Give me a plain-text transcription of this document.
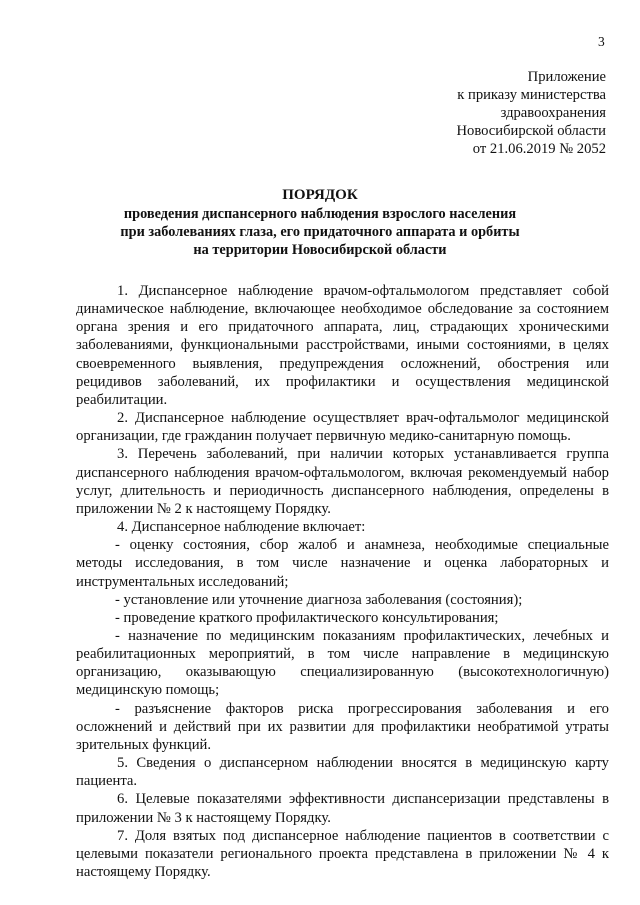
3
Приложение
к приказу министерства
здравоохранения
Новосибирской области
от 21.06.2019 № 2052
ПОРЯДОК
проведения диспансерного наблюдения взрослого населения
при заболеваниях глаза, его придаточного аппарата и орбиты
на территории Новосибирской области

1. Диспансерное наблюдение врачом-офтальмологом представляет собой динамическое наблюдение, включающее необходимое обследование за состоянием органа зрения и его придаточного аппарата, лиц, страдающих хроническими заболеваниями, функциональными расстройствами, иными состояниями, в целях своевременного выявления, предупреждения осложнений, обострения или рецидивов заболеваний, их профилактики и осуществления медицинской реабилитации.

2. Диспансерное наблюдение осуществляет врач-офтальмолог медицинской организации, где гражданин получает первичную медико-санитарную помощь.

3. Перечень заболеваний, при наличии которых устанавливается группа диспансерного наблюдения врачом-офтальмологом, включая рекомендуемый набор услуг, длительность и периодичность диспансерного наблюдения, определены в приложении № 2 к настоящему Порядку.

4. Диспансерное наблюдение включает:

- оценку состояния, сбор жалоб и анамнеза, необходимые специальные методы исследования, в том числе назначение и оценка лабораторных и инструментальных исследований;

- установление или уточнение диагноза заболевания (состояния);

- проведение краткого профилактического консультирования;

- назначение по медицинским показаниям профилактических, лечебных и реабилитационных мероприятий, в том числе направление в медицинскую организацию, оказывающую специализированную (высокотехнологичную) медицинскую помощь;

- разъяснение факторов риска прогрессирования заболевания и его осложнений и действий при их развитии для профилактики необратимой утраты зрительных функций.

5. Сведения о диспансерном наблюдении вносятся в медицинскую карту пациента.

6. Целевые показателями эффективности диспансеризации представлены в приложении № 3 к настоящему Порядку.

7. Доля взятых под диспансерное наблюдение пациентов в соответствии с целевыми показатели регионального проекта представлена в приложении № 4 к настоящему Порядку.
